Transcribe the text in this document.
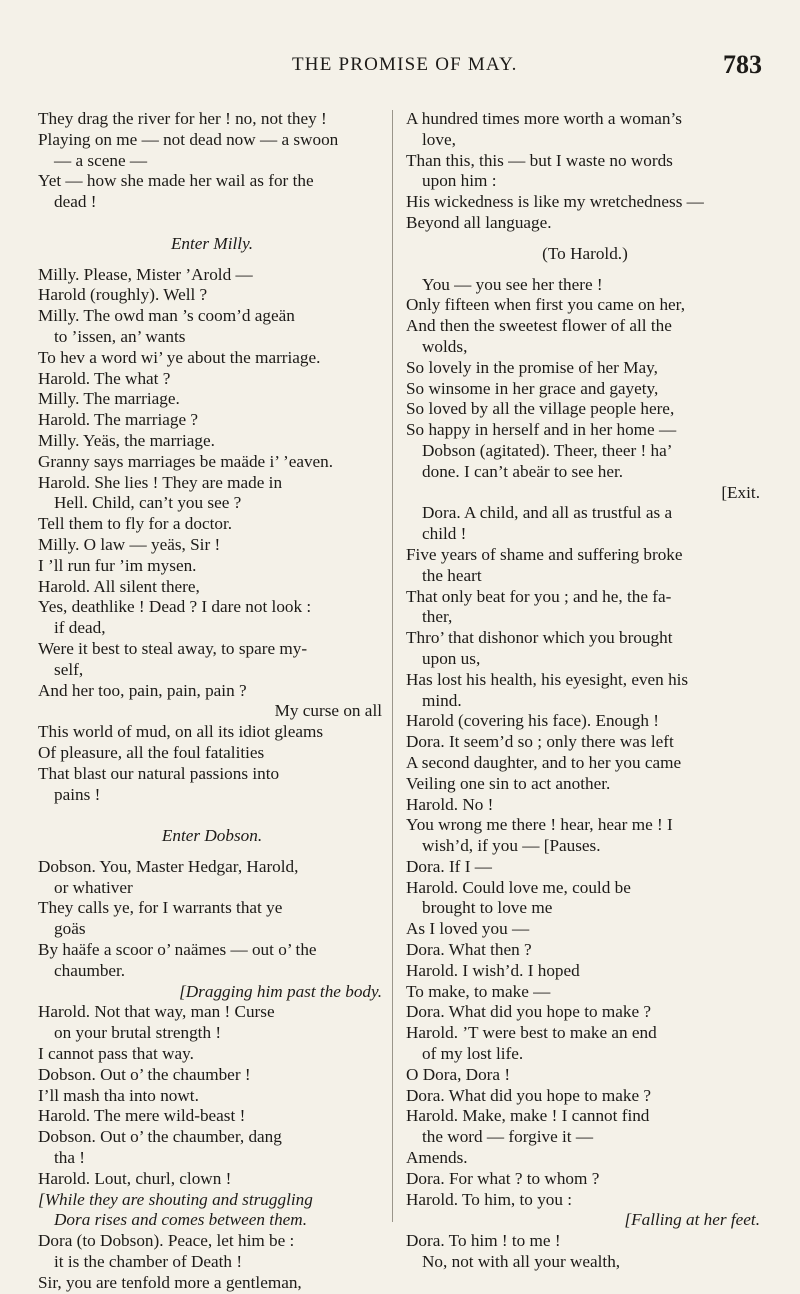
THE PROMISE OF MAY.	783
They drag the river for her ! no, not they !
Playing on me — not dead now — a swoon
— a scene —
Yet — how she made her wail as for the
dead !
Enter Milly.
Milly. Please, Mister ’Arold —
Harold (roughly). Well ?
Milly. The owd man ’s coom’d ageän
to ’issen, an’ wants
To hev a word wi’ ye about the marriage.
Harold. The what ?
Milly. The marriage.
Harold. The marriage ?
Milly. Yeäs, the marriage.
Granny says marriages be maäde i’ ’eaven.
Harold. She lies ! They are made in
Hell. Child, can’t you see ?
Tell them to fly for a doctor.
Milly. O law — yeäs, Sir !
I ’ll run fur ’im mysen.
Harold. All silent there,
Yes, deathlike ! Dead ? I dare not look :
if dead,
Were it best to steal away, to spare my-
self,
And her too, pain, pain, pain ?
My curse on all
This world of mud, on all its idiot gleams
Of pleasure, all the foul fatalities
That blast our natural passions into
pains !
Enter Dobson.
Dobson. You, Master Hedgar, Harold,
or whativer
They calls ye, for I warrants that ye
goäs
By haäfe a scoor o’ naämes — out o’ the
chaumber.
[Dragging him past the body.
Harold. Not that way, man ! Curse
on your brutal strength !
I cannot pass that way.
Dobson. Out o’ the chaumber !
I’ll mash tha into nowt.
Harold. The mere wild-beast !
Dobson. Out o’ the chaumber, dang
tha !
Harold. Lout, churl, clown !
[While they are shouting and struggling
Dora rises and comes between them.
Dora (to Dobson). Peace, let him be :
it is the chamber of Death !
Sir, you are tenfold more a gentleman,
A hundred times more worth a woman’s
love,
Than this, this — but I waste no words
upon him :
His wickedness is like my wretchedness —
Beyond all language.
(To Harold.)
You — you see her there !
Only fifteen when first you came on her,
And then the sweetest flower of all the
wolds,
So lovely in the promise of her May,
So winsome in her grace and gayety,
So loved by all the village people here,
So happy in herself and in her home —
Dobson (agitated). Theer, theer ! ha’
done. I can’t abeär to see her.
[Exit.
Dora. A child, and all as trustful as a
child !
Five years of shame and suffering broke
the heart
That only beat for you ; and he, the fa-
ther,
Thro’ that dishonor which you brought
upon us,
Has lost his health, his eyesight, even his
mind.
Harold (covering his face). Enough !
Dora. It seem’d so ; only there was left
A second daughter, and to her you came
Veiling one sin to act another.
Harold. No !
You wrong me there ! hear, hear me ! I
wish’d, if you — [Pauses.
Dora. If I —
Harold. Could love me, could be
brought to love me
As I loved you —
Dora. What then ?
Harold. I wish’d. I hoped
To make, to make —
Dora. What did you hope to make ?
Harold. ’T were best to make an end
of my lost life.
O Dora, Dora !
Dora. What did you hope to make ?
Harold. Make, make ! I cannot find
the word — forgive it —
Amends.
Dora. For what ? to whom ?
Harold. To him, to you :
[Falling at her feet.
Dora. To him ! to me !
No, not with all your wealth,
